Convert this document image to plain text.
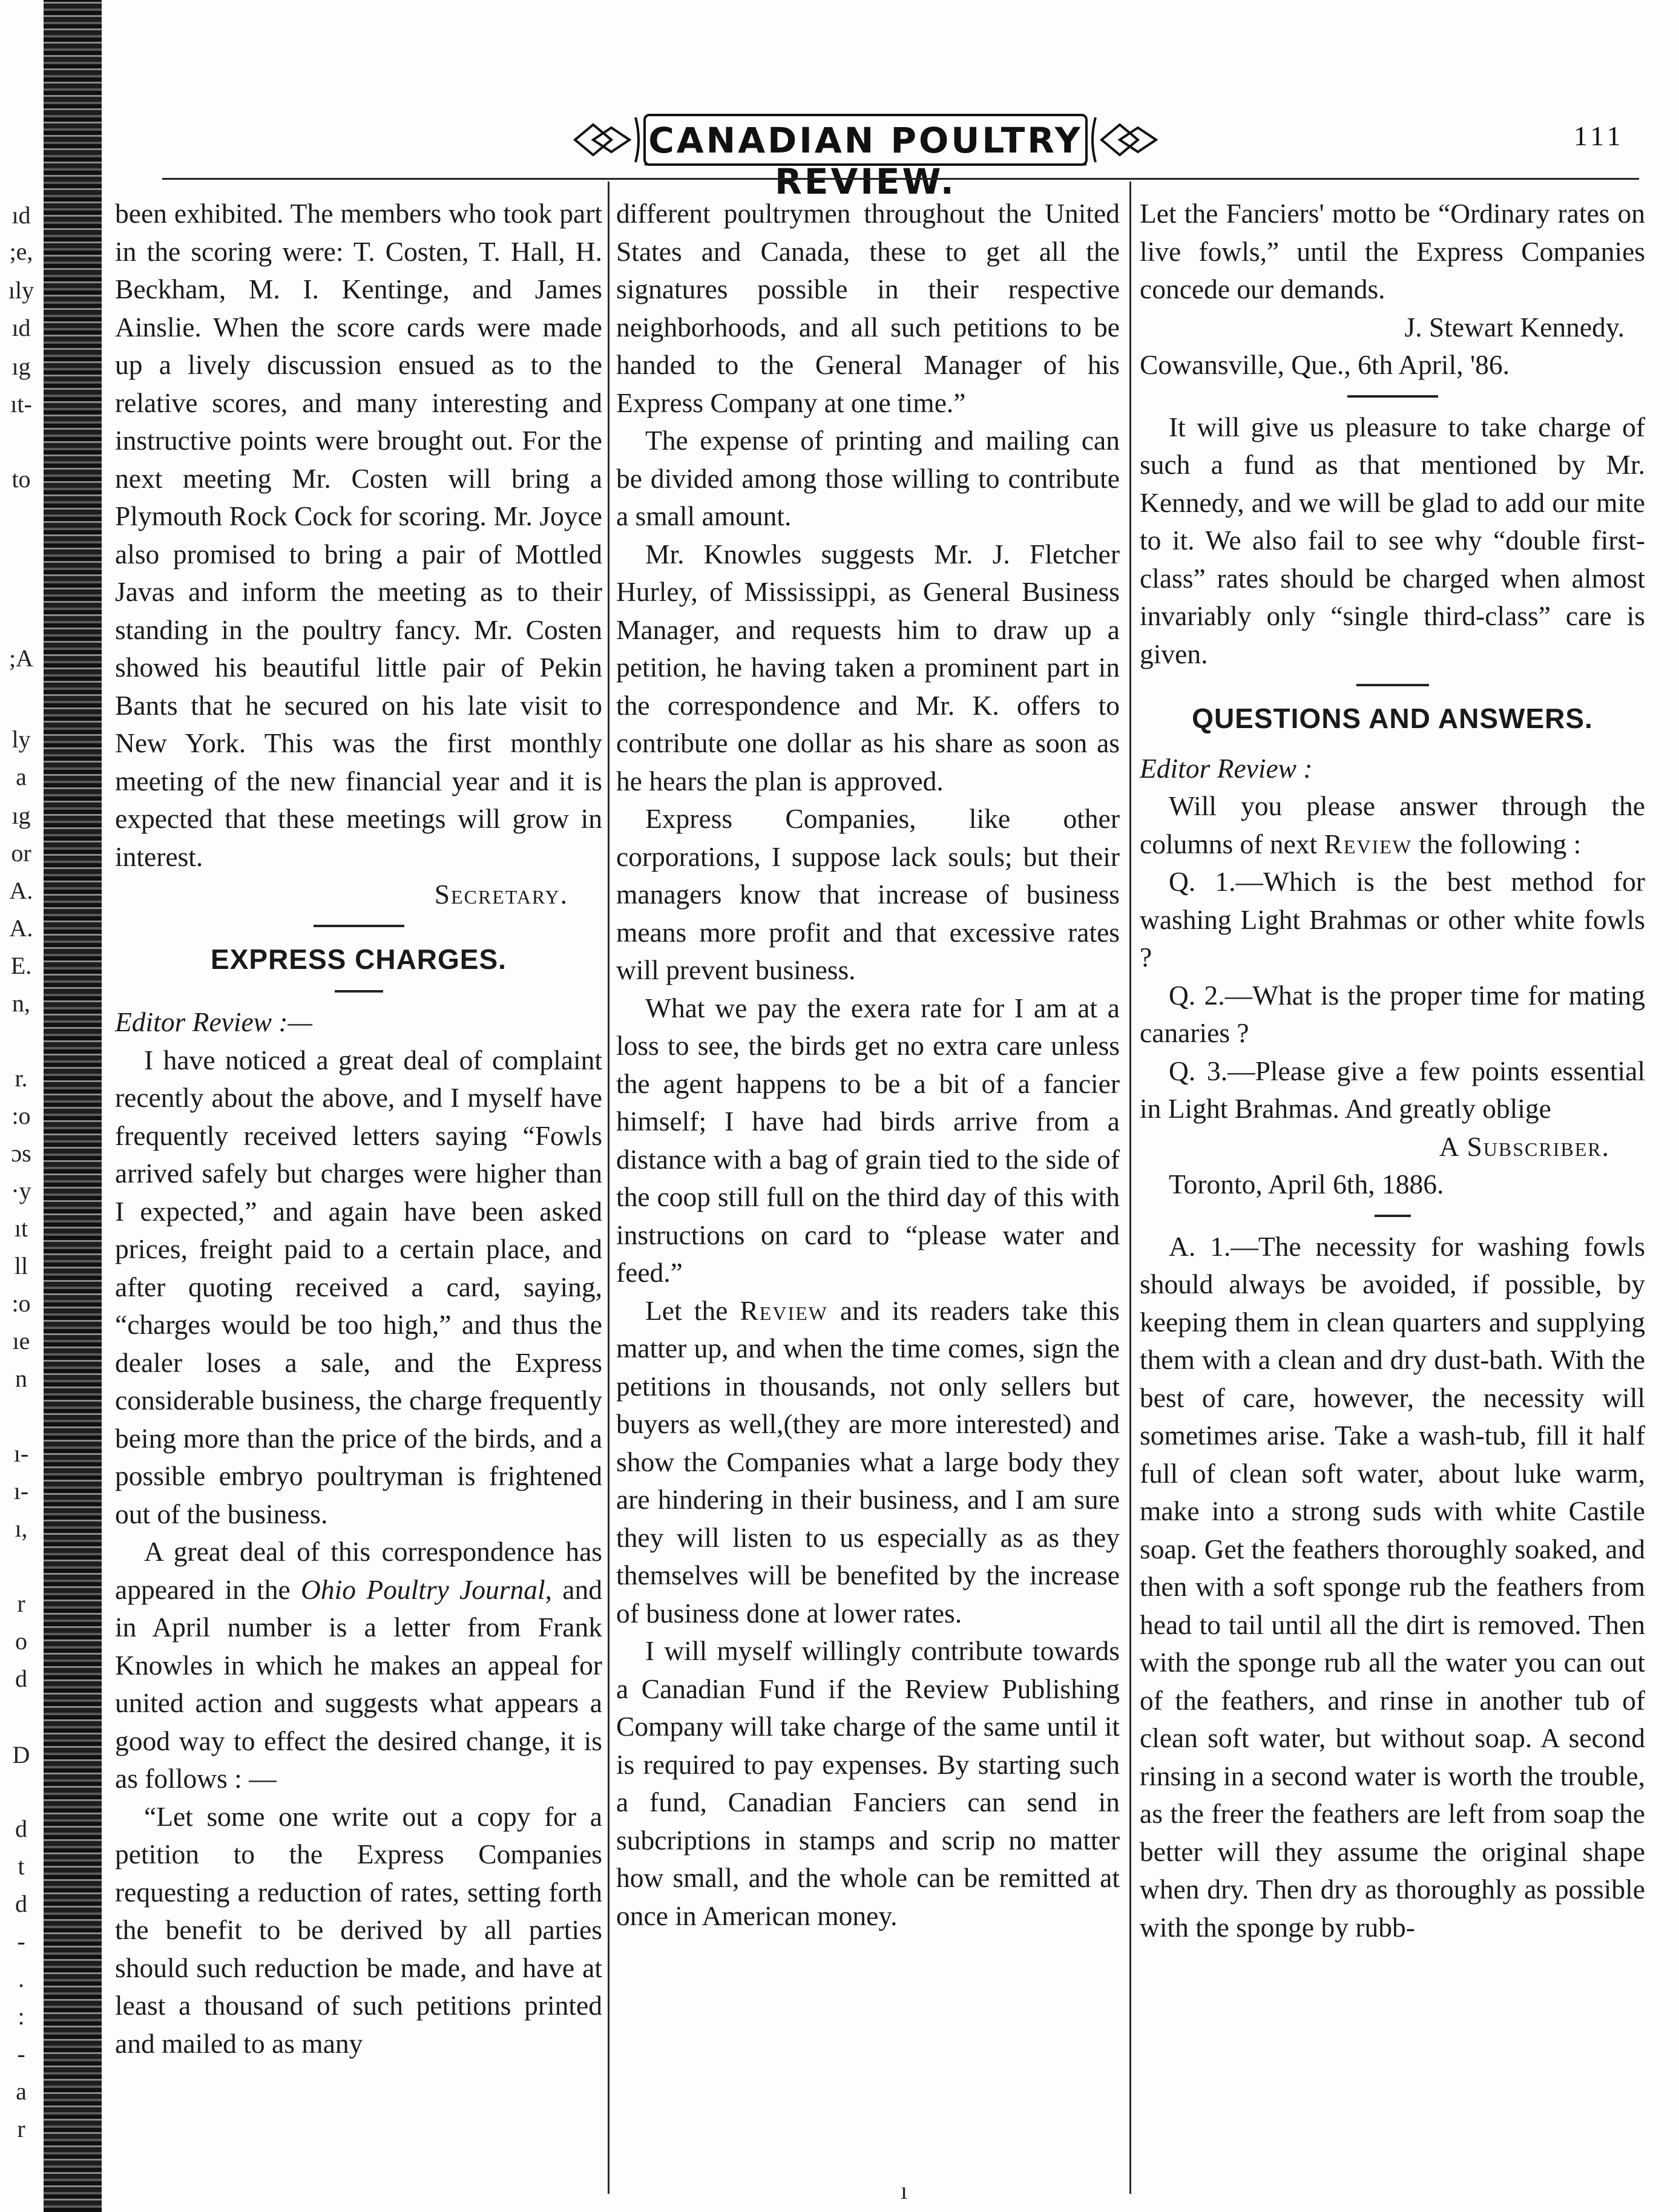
ıd
;e,
ıly
ıd
ıg
ıt-
to
;A
ly
a
ıg
or
A.
A.
E.
n,
r.
:o
ɔs
·y
ıt
ll
:o
ıe
n
ı-
ı-
ı,
r
o
d
D
d
t
d
-
.
:
-
a
r
CANADIAN POULTRY REVIEW.
111

been exhibited. The members who took part in the scoring were: T. Costen, T. Hall, H. Beckham, M. I. Kentinge, and James Ainslie. When the score cards were made up a lively discussion ensued as to the relative scores, and many interesting and instructive points were brought out. For the next meeting Mr. Costen will bring a Plymouth Rock Cock for scoring. Mr. Joyce also promised to bring a pair of Mottled Javas and inform the meeting as to their standing in the poultry fancy. Mr. Costen showed his beautiful little pair of Pekin Bants that he secured on his late visit to New York. This was the first monthly meeting of the new financial year and it is expected that these meetings will grow in interest.

Secretary.

EXPRESS CHARGES.

Editor Review :—

I have noticed a great deal of complaint recently about the above, and I myself have frequently received letters saying “Fowls arrived safely but charges were higher than I expected,” and again have been asked prices, freight paid to a certain place, and after quoting received a card, saying, “charges would be too high,” and thus the dealer loses a sale, and the Express considerable business, the charge frequently being more than the price of the birds, and a possible embryo poultryman is frightened out of the business.

A great deal of this correspondence has appeared in the Ohio Poultry Journal, and in April number is a letter from Frank Knowles in which he makes an appeal for united action and suggests what appears a good way to effect the desired change, it is as follows : —

“Let some one write out a copy for a petition to the Express Companies requesting a reduction of rates, setting forth the benefit to be derived by all parties should such reduction be made, and have at least a thousand of such petitions printed and mailed to as many

different poultrymen throughout the United States and Canada, these to get all the signatures possible in their respective neighborhoods, and all such petitions to be handed to the General Manager of his Express Company at one time.”

The expense of printing and mailing can be divided among those willing to contribute a small amount.

Mr. Knowles suggests Mr. J. Fletcher Hurley, of Mississippi, as General Business Manager, and requests him to draw up a petition, he having taken a prominent part in the correspondence and Mr. K. offers to contribute one dollar as his share as soon as he hears the plan is approved.

Express Companies, like other corporations, I suppose lack souls; but their managers know that increase of business means more profit and that excessive rates will prevent business.

What we pay the exera rate for I am at a loss to see, the birds get no extra care unless the agent happens to be a bit of a fancier himself; I have had birds arrive from a distance with a bag of grain tied to the side of the coop still full on the third day of this with instructions on card to “please water and feed.”

Let the Review and its readers take this matter up, and when the time comes, sign the petitions in thousands, not only sellers but buyers as well,(they are more interested) and show the Companies what a large body they are hindering in their business, and I am sure they will listen to us especially as as they themselves will be benefited by the increase of business done at lower rates.

I will myself willingly contribute towards a Canadian Fund if the Review Publishing Company will take charge of the same until it is required to pay expenses. By starting such a fund, Canadian Fanciers can send in subcriptions in stamps and scrip no matter how small, and the whole can be remitted at once in American money.

Let the Fanciers' motto be “Ordinary rates on live fowls,” until the Express Companies concede our demands.

J. Stewart Kennedy.

Cowansville, Que., 6th April, '86.

It will give us pleasure to take charge of such a fund as that mentioned by Mr. Kennedy, and we will be glad to add our mite to it. We also fail to see why “double first-class” rates should be charged when almost invariably only “single third-class” care is given.

QUESTIONS AND ANSWERS.

Editor Review :

Will you please answer through the columns of next Review the following :

Q. 1.—Which is the best method for washing Light Brahmas or other white fowls ?

Q. 2.—What is the proper time for mating canaries ?

Q. 3.—Please give a few points essential in Light Brahmas. And greatly oblige

A Subscriber.

Toronto, April 6th, 1886.

A. 1.—The necessity for washing fowls should always be avoided, if possible, by keeping them in clean quarters and supplying them with a clean and dry dust-bath. With the best of care, however, the necessity will sometimes arise. Take a wash-tub, fill it half full of clean soft water, about luke warm, make into a strong suds with white Castile soap. Get the feathers thoroughly soaked, and then with a soft sponge rub the feathers from head to tail until all the dirt is removed. Then with the sponge rub all the water you can out of the feathers, and rinse in another tub of clean soft water, but without soap. A second rinsing in a second water is worth the trouble, as the freer the feathers are left from soap the better will they assume the original shape when dry. Then dry as thoroughly as possible with the sponge by rubb-

ı
